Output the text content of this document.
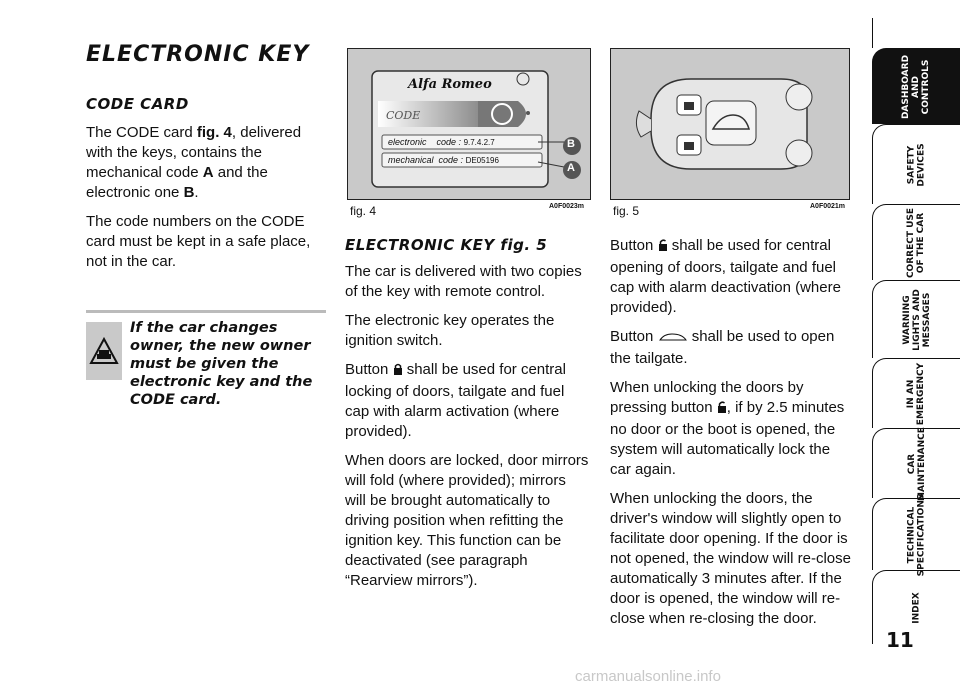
ELECTRONIC KEY
CODE CARD

The CODE card fig. 4, delivered with the keys, contains the mechanical code A and the electronic one B.

The code numbers on the CODE card must be kept in a safe place, not in the car.

If the car changes owner, the new owner must be given the electronic key and the CODE card.
Alfa Romeo
CODE
electronic    code : 9.7.4.2.7
mechanical  code : DE05196
B
A
fig. 4	A0F0023m fig. 5	A0F0021m
ELECTRONIC KEY fig. 5

The car is delivered with two copies of the key with remote control.

The electronic key operates the ignition switch.

Button  shall be used for central locking of doors, tailgate and fuel cap with alarm activation (where provided).

When doors are locked, door mirrors will fold (where provided); mirrors will be brought automatically to driving position when refitting the ignition key. This function can be deactivated (see paragraph “Rearview mirrors”).

Button  shall be used for central opening of doors, tailgate and fuel cap with alarm deactivation (where provided).

Button  shall be used to open the tailgate.

When unlocking the doors by pressing button , if by 2.5 minutes no door or the boot is opened, the system will automatically lock the car again.

When unlocking the doors, the driver's window will slightly open to facilitate door opening. If the door is not opened, the window will re-close automatically 3 minutes after. If the door is opened, the window will re-close when re-closing the door.

DASHBOARD
AND
CONTROLS
SAFETY
DEVICES
CORRECT USE
OF THE CAR
WARNING
LIGHTS AND
MESSAGES
IN AN
EMERGENCY
CAR
MAINTENANCE
TECHNICAL
SPECIFICATIONS
INDEX
11
carmanualsonline.info
